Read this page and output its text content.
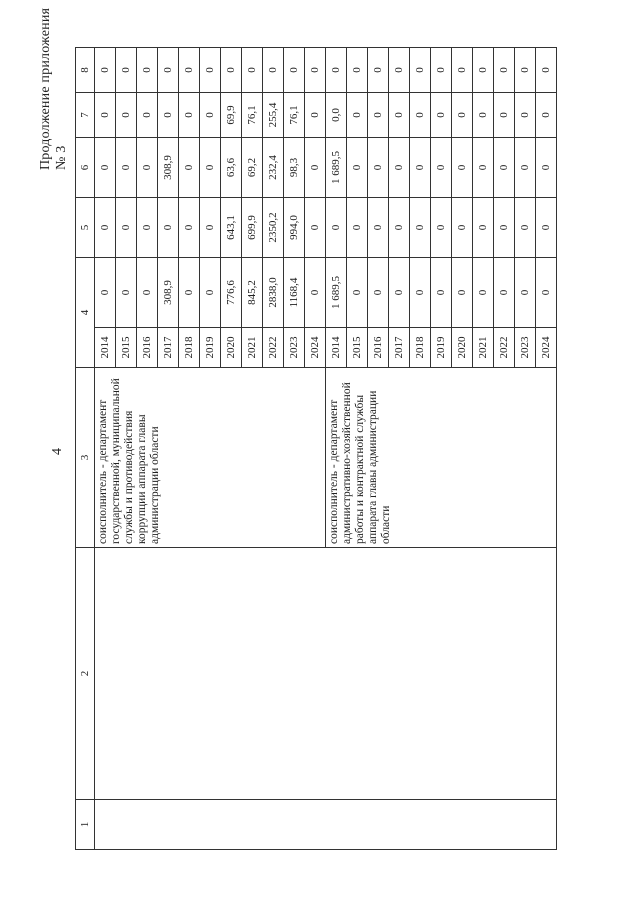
4
Продолжение приложения № 3
1	2	3	4		5	6	7	8
		соисполнитель - департамент государственной, муниципальной службы и противодействия коррупции аппарата главы администрации области	2014	0	0	0	0	0
			2015	0	0	0	0	0
			2016	0	0	0	0	0
			2017	308,9	0	308,9	0	0
			2018	0	0	0	0	0
			2019	0	0	0	0	0
			2020	776,6	643,1	63,6	69,9	0
			2021	845,2	699,9	69,2	76,1	0
			2022	2838,0	2350,2	232,4	255,4	0
			2023	1168,4	994,0	98,3	76,1	0
			2024	0	0	0	0	0
		соисполнитель - департамент административно-хозяйственной работы и контрактной службы аппарата главы администрации области	2014	1 689,5	0	1 689,5	0,0	0
			2015	0	0	0	0	0
			2016	0	0	0	0	0
			2017	0	0	0	0	0
			2018	0	0	0	0	0
			2019	0	0	0	0	0
			2020	0	0	0	0	0
			2021	0	0	0	0	0
			2022	0	0	0	0	0
			2023	0	0	0	0	0
			2024	0	0	0	0	0
